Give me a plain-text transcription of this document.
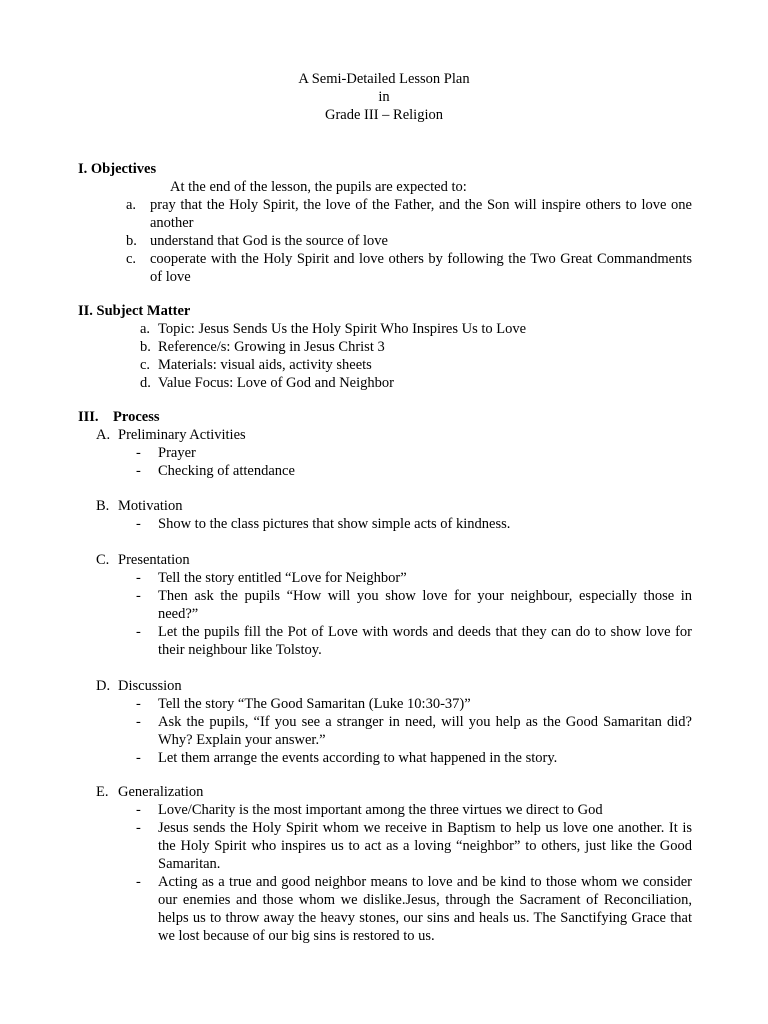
A Semi-Detailed Lesson Plan
in
Grade III – Religion
I. Objectives
At the end of the lesson, the pupils are expected to:
a. pray that the Holy Spirit, the love of the Father, and the Son will inspire others to love one another
b. understand that God is the source of love
c. cooperate with the Holy Spirit and love others by following the Two Great Commandments of love
II. Subject Matter
a. Topic: Jesus Sends Us the Holy Spirit Who Inspires Us to Love
b. Reference/s: Growing in Jesus Christ 3
c. Materials: visual aids, activity sheets
d. Value Focus: Love of God and Neighbor
III.    Process
A. Preliminary Activities
- Prayer
- Checking of attendance
B. Motivation
- Show to the class pictures that show simple acts of kindness.
C. Presentation
- Tell the story entitled “Love for Neighbor”
- Then ask the pupils “How will you show love for your neighbour, especially those in need?”
- Let the pupils fill the Pot of Love with words and deeds that they can do to show love for their neighbour like Tolstoy.
D. Discussion
- Tell the story “The Good Samaritan (Luke 10:30-37)”
- Ask the pupils, “If you see a stranger in need, will you help as the Good Samaritan did? Why? Explain your answer.”
- Let them arrange the events according to what happened in the story.
E. Generalization
- Love/Charity is the most important among the three virtues we direct to God
- Jesus sends the Holy Spirit whom we receive in Baptism to help us love one another. It is the Holy Spirit who inspires us to act as a loving “neighbor” to others, just like the Good Samaritan.
- Acting as a true and good neighbor means to love and be kind to those whom we consider our enemies and those whom we dislike.Jesus, through the Sacrament of Reconciliation, helps us to throw away the heavy stones, our sins and heals us. The Sanctifying Grace that we lost because of our big sins is restored to us.
